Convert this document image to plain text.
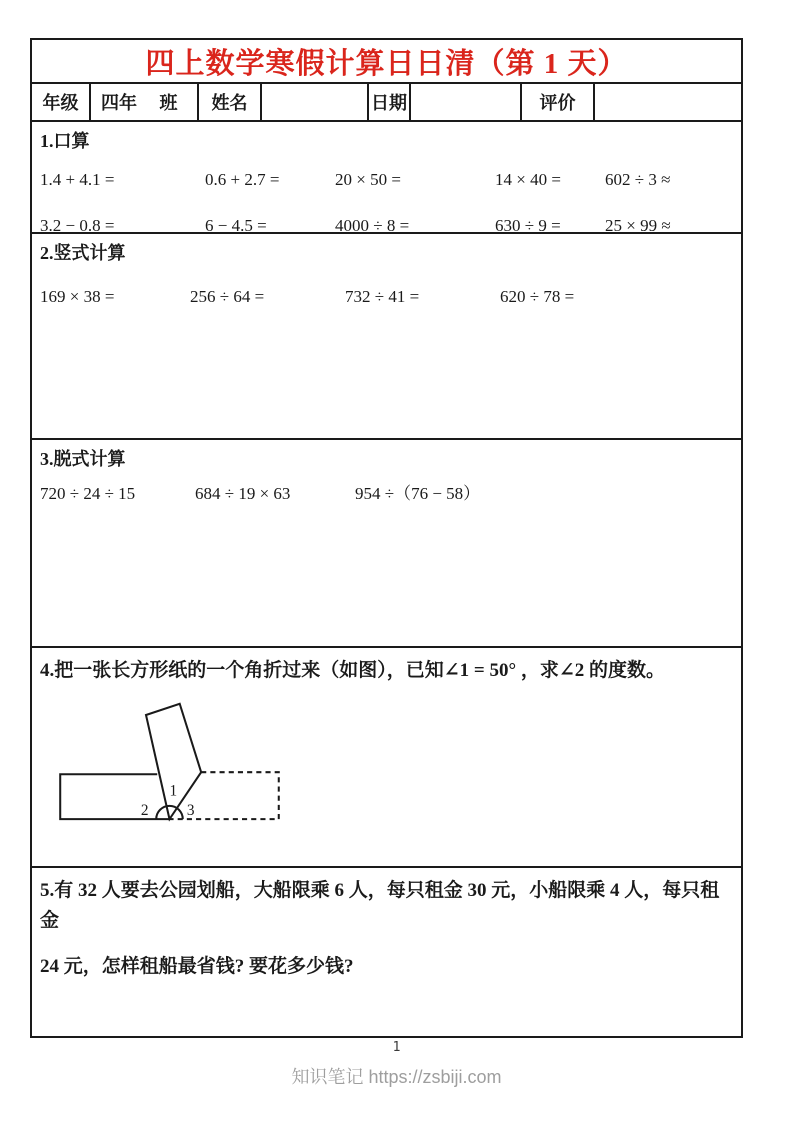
四上数学寒假计算日日清（第 1 天）
年级	四年　 班	姓名	日期	评价
1.口算
1.4 + 4.1 =	0.6 + 2.7 =	20 × 50 =	14 × 40 =	602 ÷ 3 ≈
3.2 − 0.8 =	6 − 4.5 =	4000 ÷ 8 =	630 ÷ 9 =	25 × 99 ≈
2.竖式计算
169 × 38 =	256 ÷ 64 =	732 ÷ 41 =	620 ÷ 78 =
3.脱式计算
720 ÷ 24 ÷ 15	684 ÷ 19 × 63	954 ÷（76 − 58）
4.把一张长方形纸的一个角折过来（如图），已知∠1 = 50° ，求∠2 的度数。
1
2	3
5.有 32 人要去公园划船，大船限乘 6 人，每只租金 30 元，小船限乘 4 人，每只租金
24 元，怎样租船最省钱? 要花多少钱?
1
知识笔记 https://zsbiji.com
